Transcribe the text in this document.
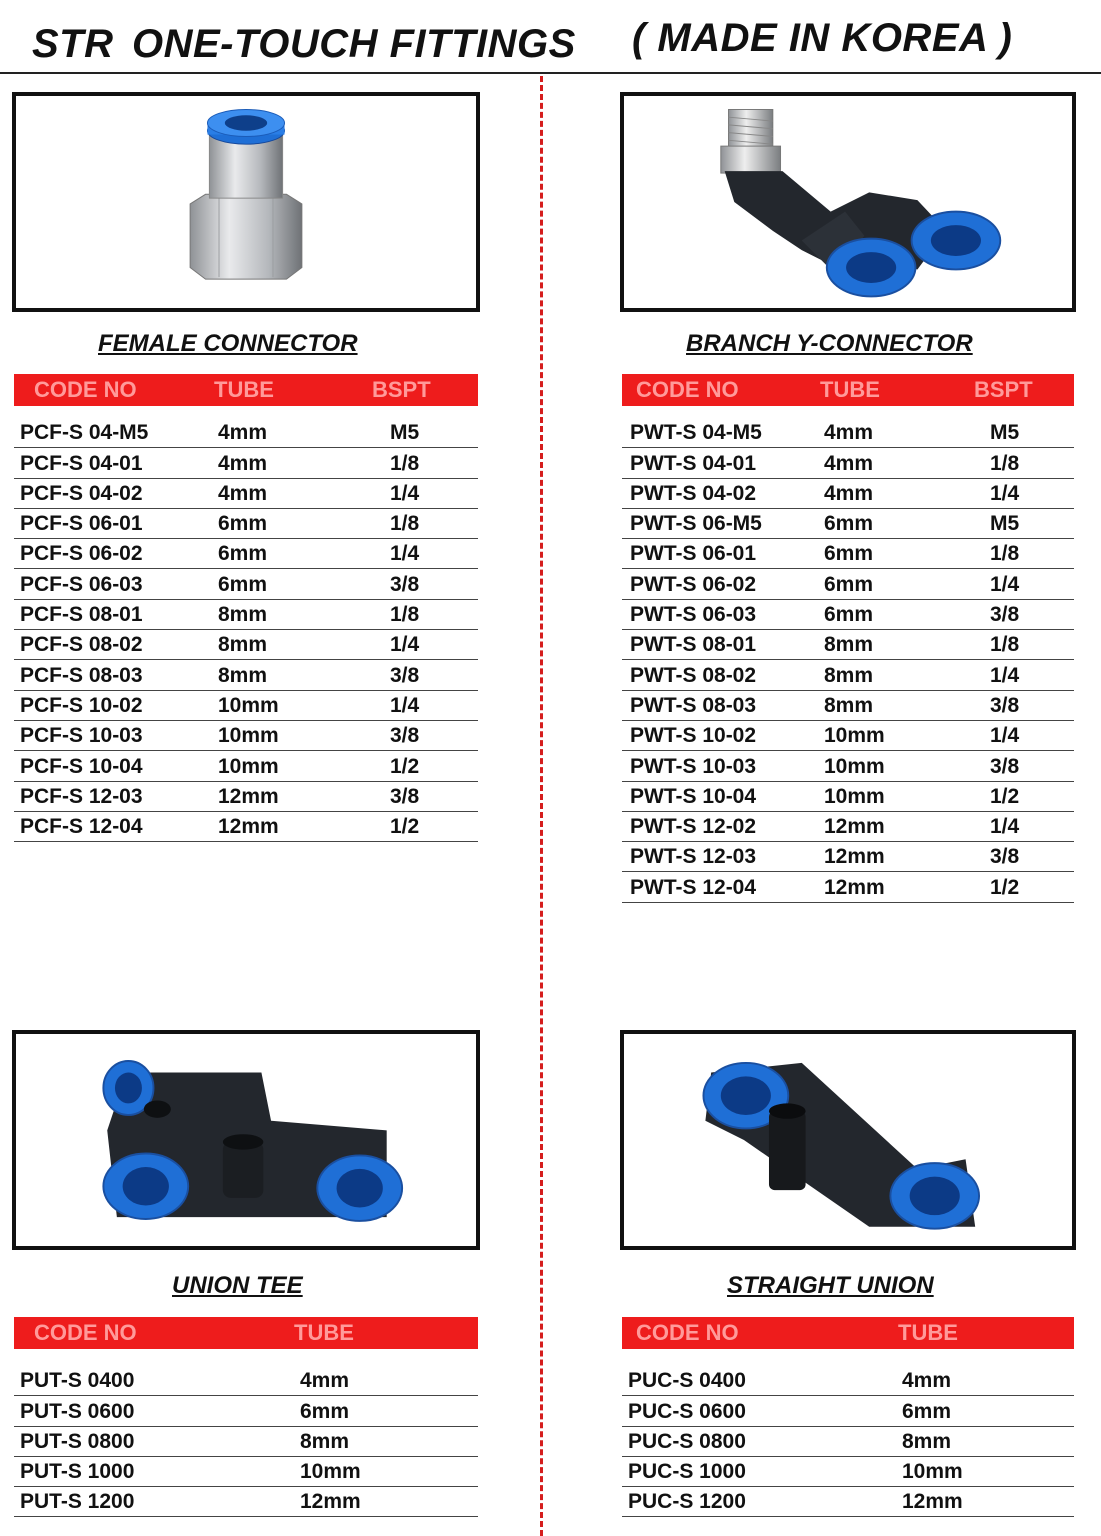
STR ONE-TOUCH FITTINGS ( MADE IN KOREA )
FEMALE CONNECTOR
CODE NO	TUBE	BSPT
PCF-S 04-M5	4mm	M5
PCF-S 04-01	4mm	1/8
PCF-S 04-02	4mm	1/4
PCF-S 06-01	6mm	1/8
PCF-S 06-02	6mm	1/4
PCF-S 06-03	6mm	3/8
PCF-S 08-01	8mm	1/8
PCF-S 08-02	8mm	1/4
PCF-S 08-03	8mm	3/8
PCF-S 10-02	10mm	1/4
PCF-S 10-03	10mm	3/8
PCF-S 10-04	10mm	1/2
PCF-S 12-03	12mm	3/8
PCF-S 12-04	12mm	1/2
BRANCH Y-CONNECTOR
CODE NO	TUBE	BSPT
PWT-S 04-M5	4mm	M5
PWT-S 04-01	4mm	1/8
PWT-S 04-02	4mm	1/4
PWT-S 06-M5	6mm	M5
PWT-S 06-01	6mm	1/8
PWT-S 06-02	6mm	1/4
PWT-S 06-03	6mm	3/8
PWT-S 08-01	8mm	1/8
PWT-S 08-02	8mm	1/4
PWT-S 08-03	8mm	3/8
PWT-S 10-02	10mm	1/4
PWT-S 10-03	10mm	3/8
PWT-S 10-04	10mm	1/2
PWT-S 12-02	12mm	1/4
PWT-S 12-03	12mm	3/8
PWT-S 12-04	12mm	1/2
UNION TEE
CODE NO	TUBE
PUT-S 0400	4mm
PUT-S 0600	6mm
PUT-S 0800	8mm
PUT-S 1000	10mm
PUT-S 1200	12mm
STRAIGHT UNION
CODE NO	TUBE
PUC-S 0400	4mm
PUC-S 0600	6mm
PUC-S 0800	8mm
PUC-S 1000	10mm
PUC-S 1200	12mm
